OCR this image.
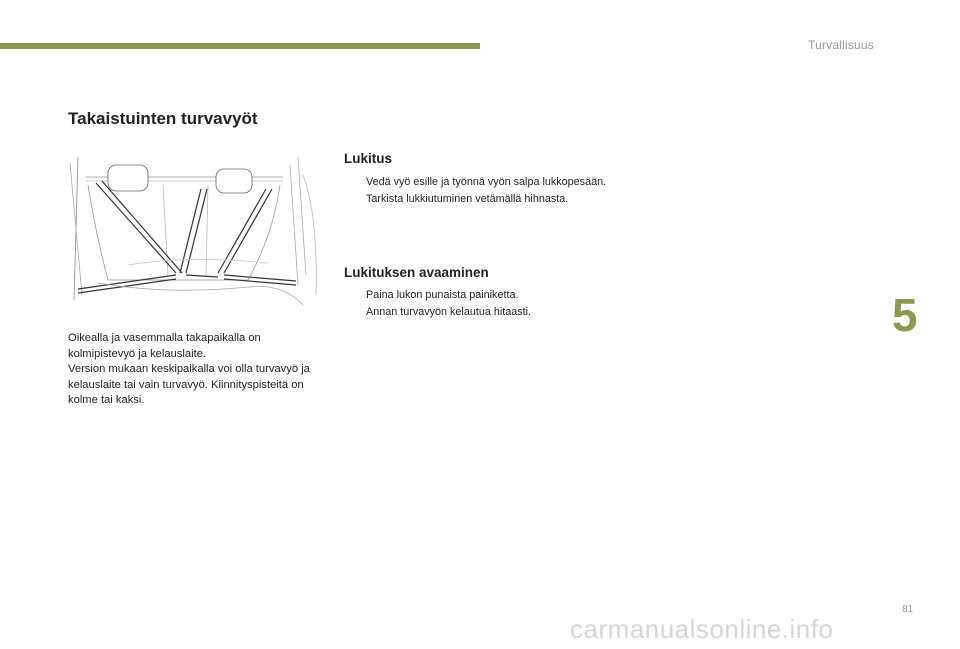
Turvallisuus
Takaistuinten turvavyöt

Oikealla ja vasemmalla takapaikalla on kolmipistevyö ja kelauslaite.

Version mukaan keskipaikalla voi olla turvavyö ja kelauslaite tai vain turvavyö. Kiinnityspisteitä on kolme tai kaksi.

Lukitus
Vedä vyö esille ja työnnä vyön salpa lukkopesään.
Tarkista lukkiutuminen vetämällä hihnasta.
Lukituksen avaaminen
Paina lukon punaista painiketta.
Annan turvavyön kelautua hitaasti.	5
81
carmanualsonline.info
